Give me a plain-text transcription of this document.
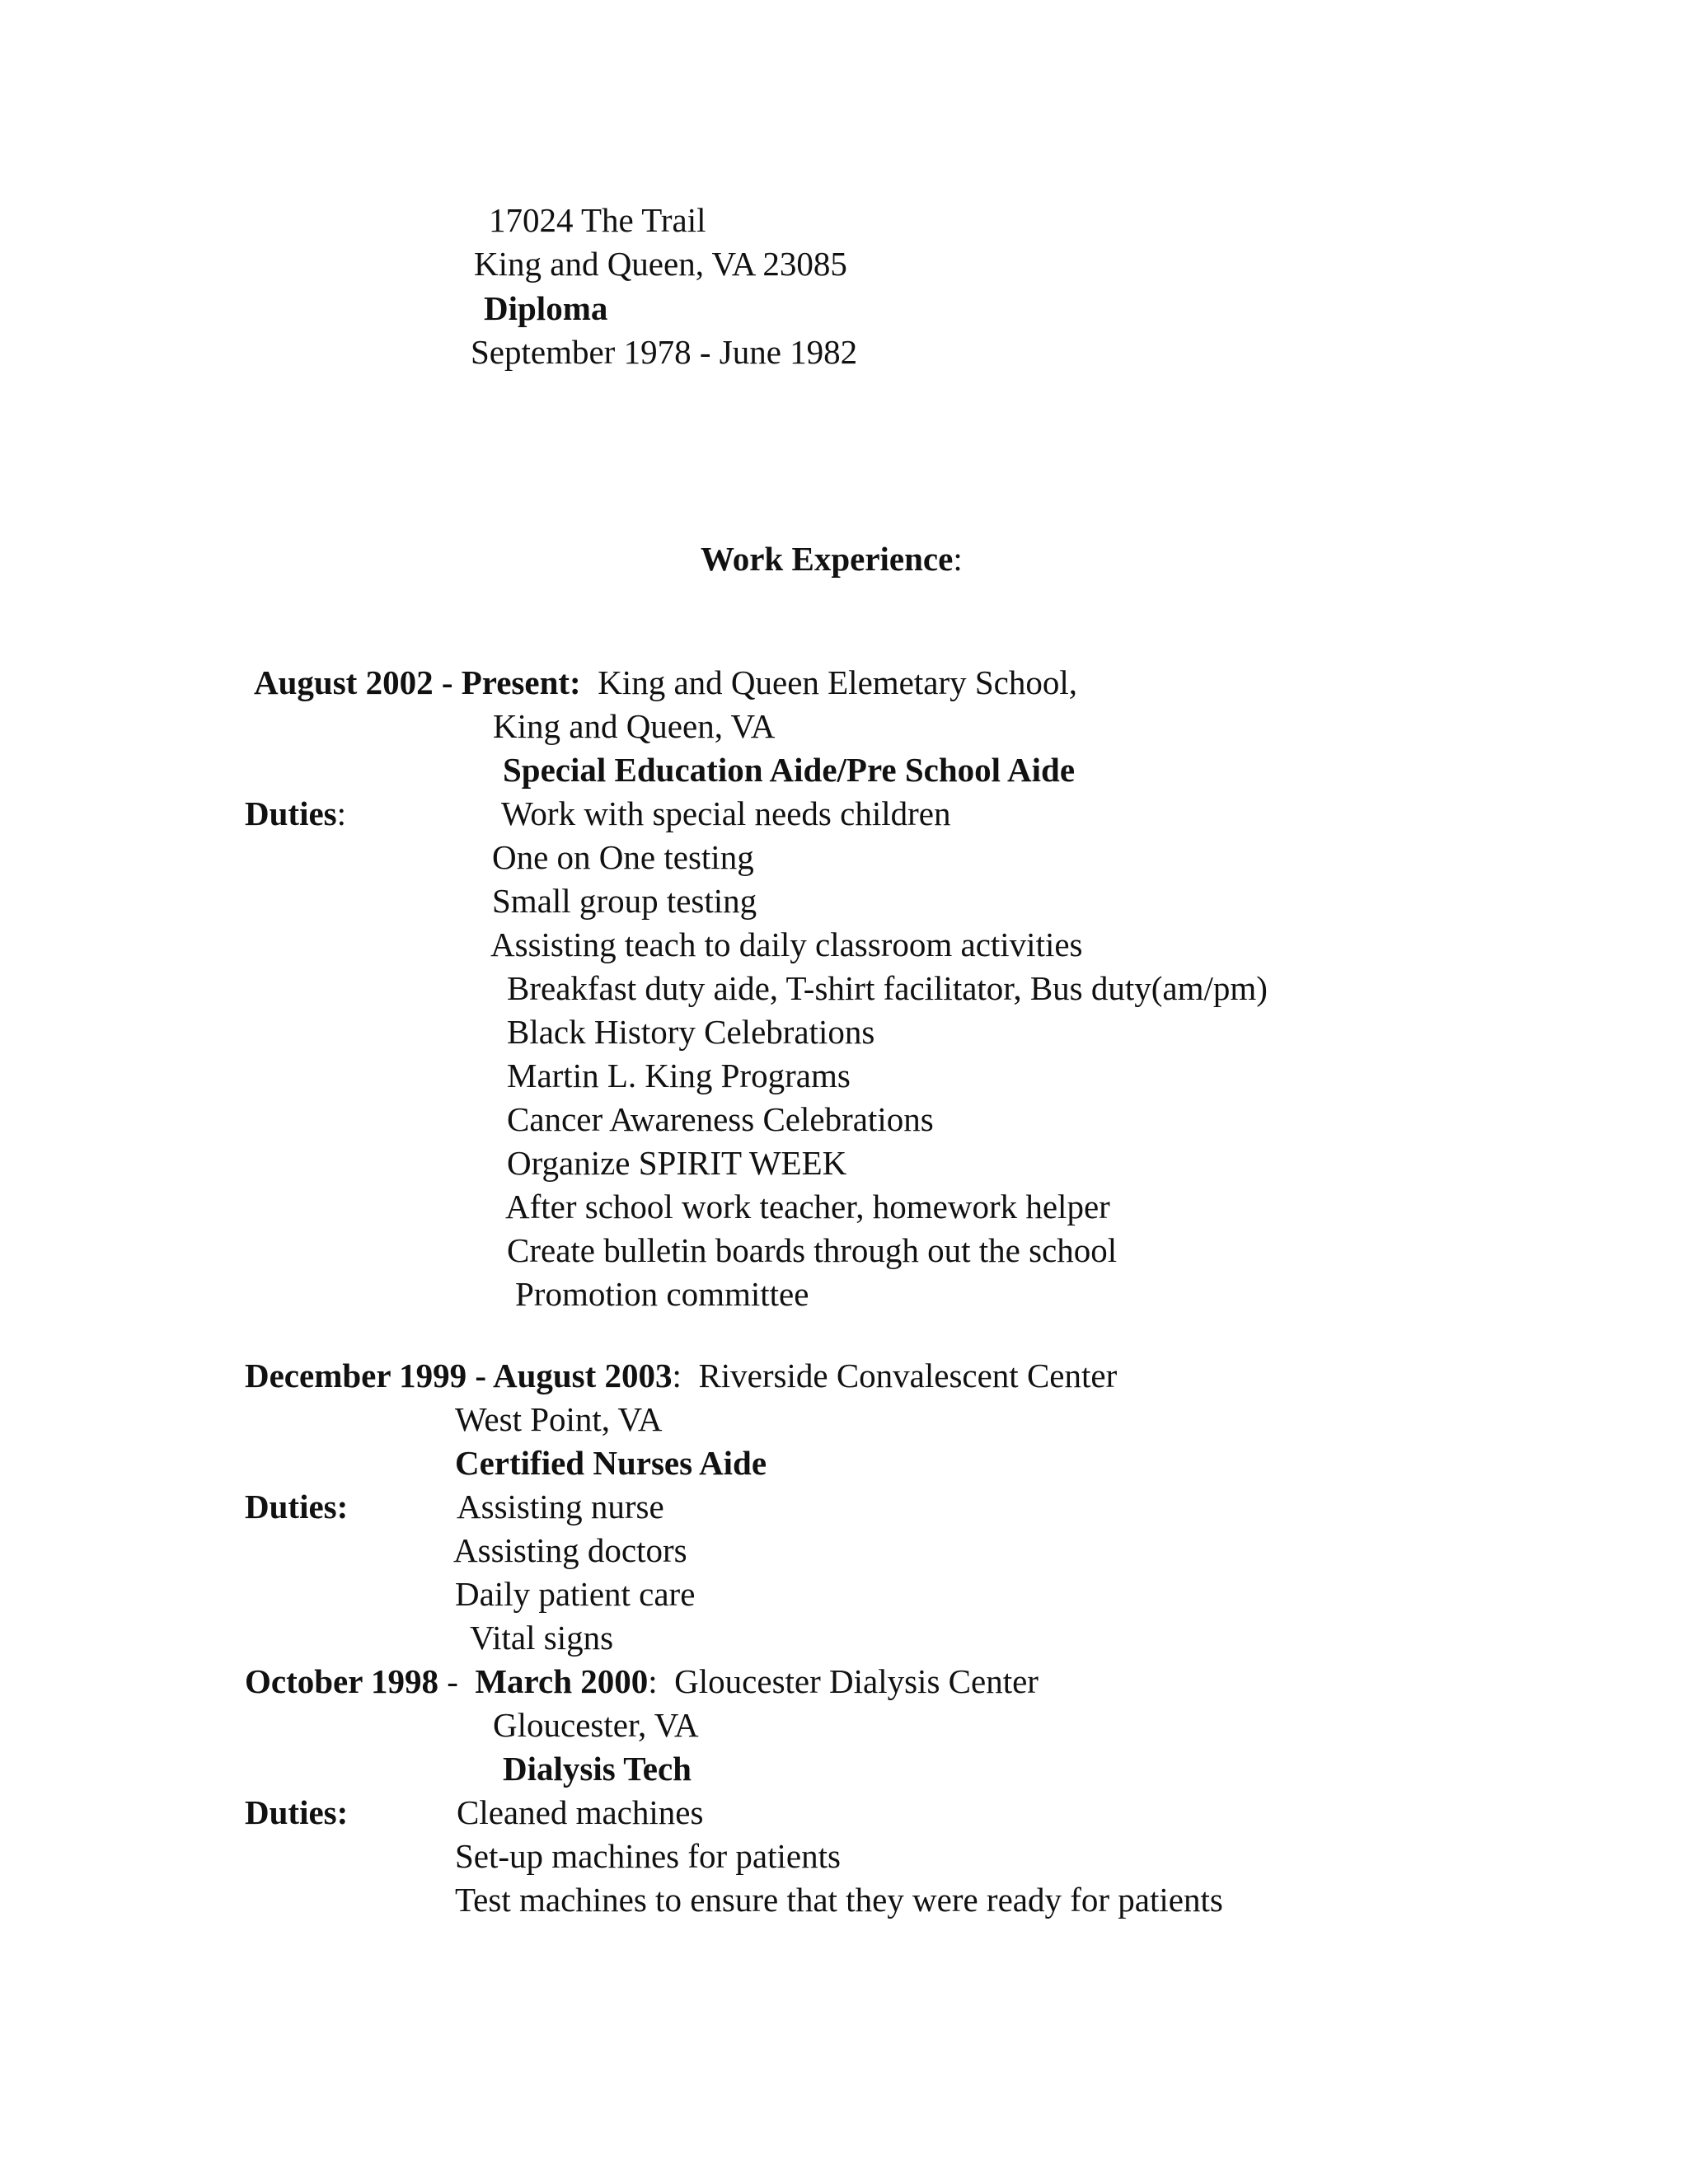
17024 The Trail
King and Queen, VA 23085
Diploma
September 1978 - June 1982
Work Experience:
August 2002 - Present: King and Queen Elemetary School,
King and Queen, VA
Special Education Aide/Pre School Aide
Duties:	Work with special needs children
One on One testing
Small group testing
Assisting teach to daily classroom activities
Breakfast duty aide, T-shirt facilitator, Bus duty(am/pm)
Black History Celebrations
Martin L. King Programs
Cancer Awareness Celebrations
Organize SPIRIT WEEK
After school work teacher, homework helper
Create bulletin boards through out the school
Promotion committee
December 1999 - August 2003: Riverside Convalescent Center
West Point, VA
Certified Nurses Aide
Duties:	Assisting nurse
Assisting doctors
Daily patient care
Vital signs
October 1998 -  March 2000: Gloucester Dialysis Center
Gloucester, VA
Dialysis Tech
Duties:	Cleaned machines
Set-up machines for patients
Test machines to ensure that they were ready for patients
